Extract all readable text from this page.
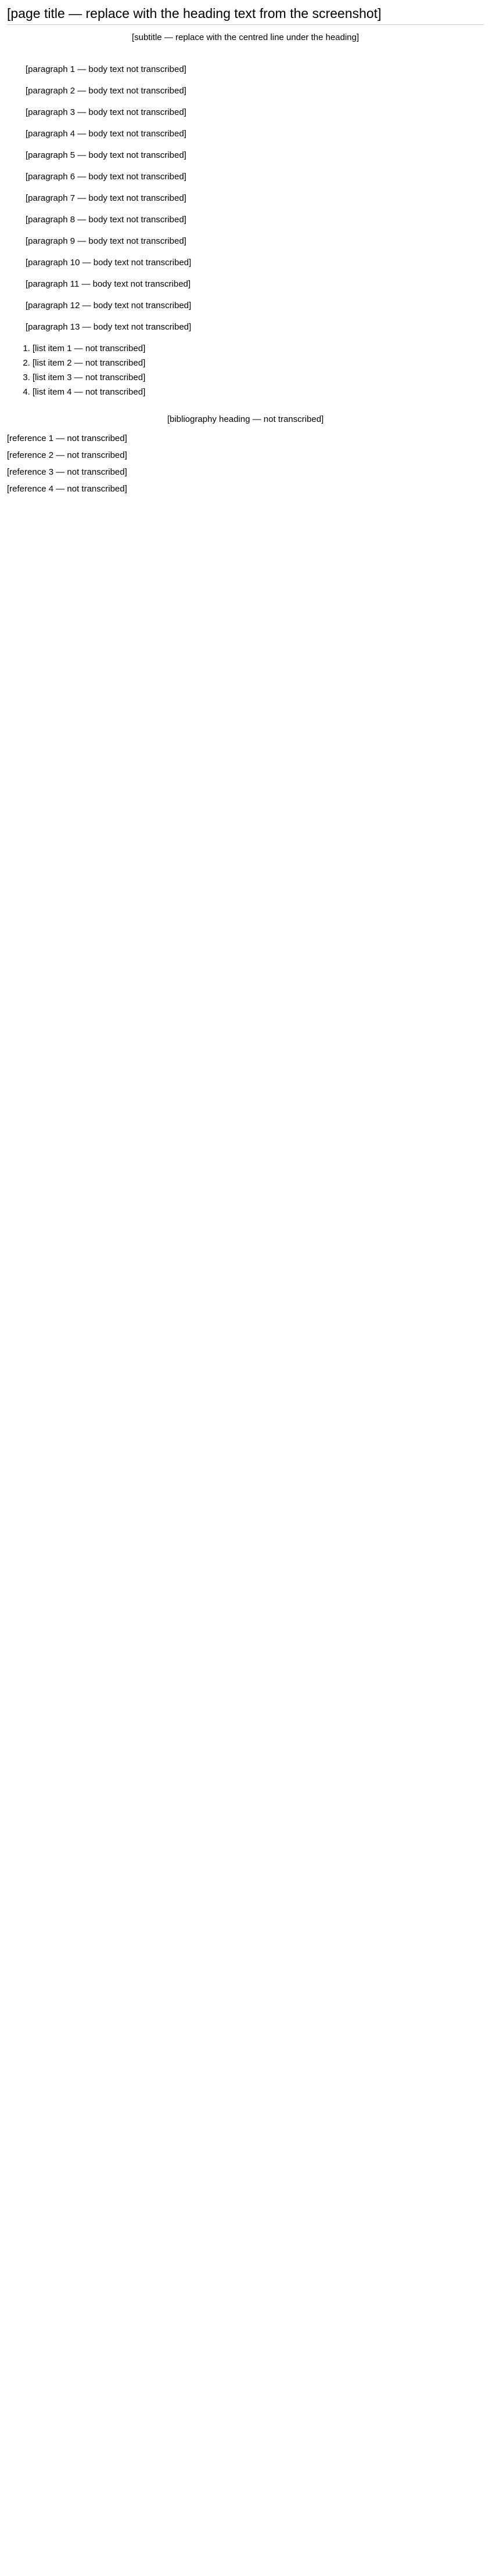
[page title — replace with the heading text from the screenshot]
[subtitle — replace with the centred line under the heading]

[paragraph 1 — body text not transcribed]

[paragraph 2 — body text not transcribed]

[paragraph 3 — body text not transcribed]

[paragraph 4 — body text not transcribed]

[paragraph 5 — body text not transcribed]

[paragraph 6 — body text not transcribed]

[paragraph 7 — body text not transcribed]

[paragraph 8 — body text not transcribed]

[paragraph 9 — body text not transcribed]

[paragraph 10 — body text not transcribed]

[paragraph 11 — body text not transcribed]

[paragraph 12 — body text not transcribed]

[paragraph 13 — body text not transcribed]

1. [list item 1 — not transcribed]
2. [list item 2 — not transcribed]
3. [list item 3 — not transcribed]
4. [list item 4 — not transcribed]
[bibliography heading — not transcribed]

[reference 1 — not transcribed]

[reference 2 — not transcribed]

[reference 3 — not transcribed]

[reference 4 — not transcribed]
